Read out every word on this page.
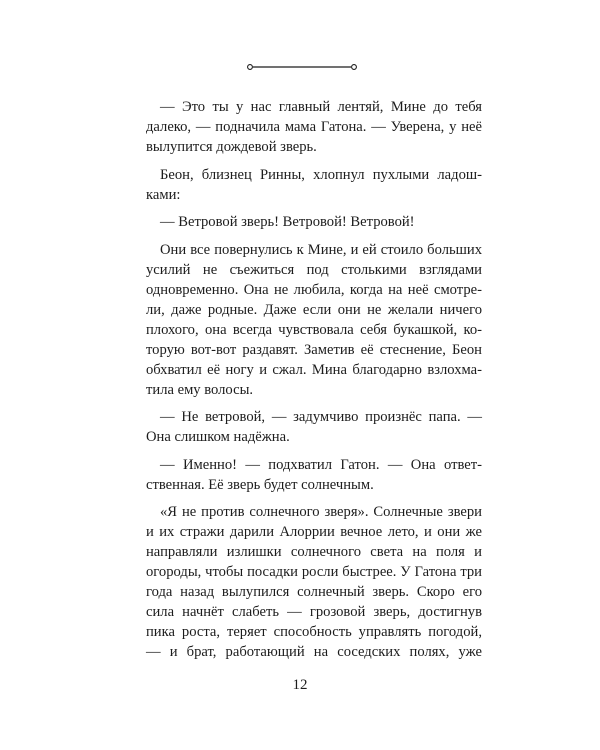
— Это ты у нас главный лентяй, Мине до тебя далеко, — подначила мама Гатона. — Уверена, у неё вылупится дождевой зверь.

Беон, близнец Ринны, хлопнул пухлыми ладошками:

— Ветровой зверь! Ветровой! Ветровой!

Они все повернулись к Мине, и ей стоило больших усилий не съежиться под столькими взглядами одновременно. Она не любила, когда на неё смотрели, даже родные. Даже если они не желали ничего плохого, она всегда чувствовала себя букашкой, которую вот-вот раздавят. Заметив её стеснение, Беон обхватил её ногу и сжал. Мина благодарно взлохматила ему волосы.

— Не ветровой, — задумчиво произнёс папа. — Она слишком надёжна.

— Именно! — подхватил Гатон. — Она ответственная. Её зверь будет солнечным.

«Я не против солнечного зверя». Солнечные звери и их стражи дарили Алоррии вечное лето, и они же направляли излишки солнечного света на поля и огороды, чтобы посадки росли быстрее. У Гатона три года назад вылупился солнечный зверь. Скоро его сила начнёт слабеть — грозовой зверь, достигнув пика роста, теряет способность управлять погодой, — и брат, работающий на соседских полях, уже

12
